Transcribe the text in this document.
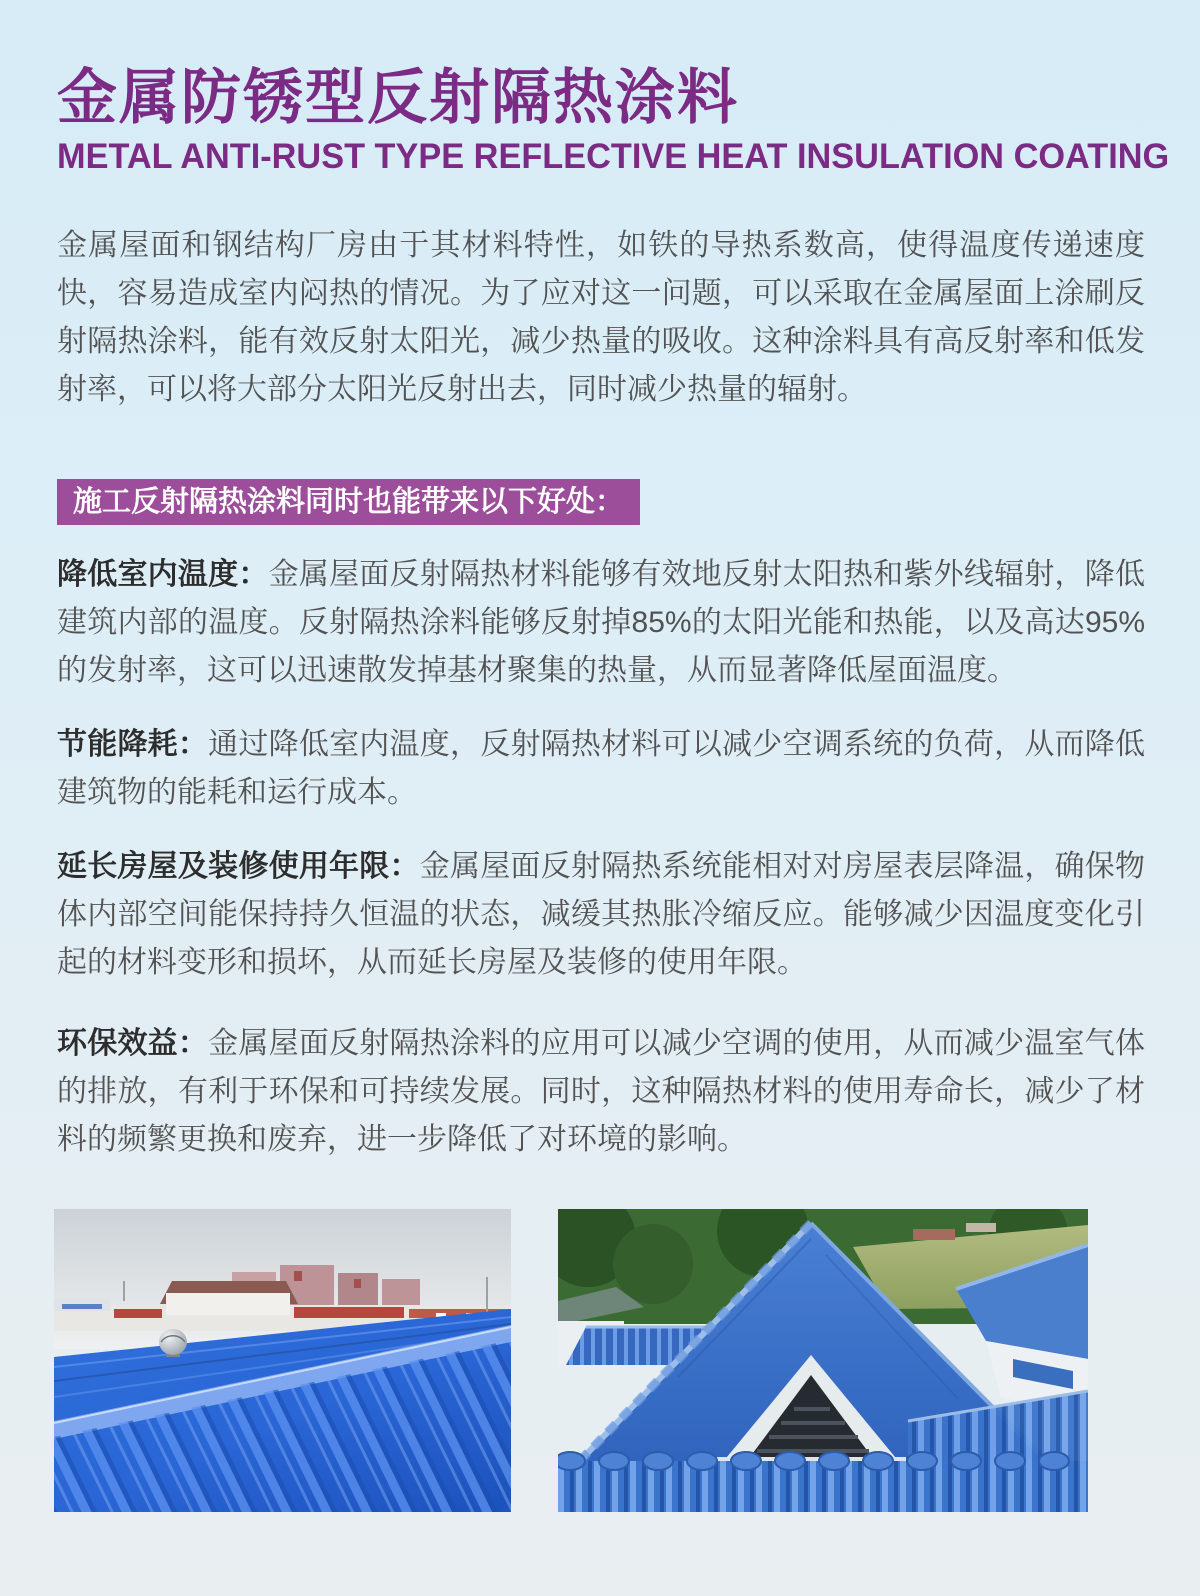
金属防锈型反射隔热涂料
METAL ANTI-RUST TYPE REFLECTIVE HEAT INSULATION COATING

金属屋面和钢结构厂房由于其材料特性，如铁的导热系数高，使得温度传递速度快，容易造成室内闷热的情况。为了应对这一问题，可以采取在金属屋面上涂刷反射隔热涂料，能有效反射太阳光，减少热量的吸收。这种涂料具有高反射率和低发射率，可以将大部分太阳光反射出去，同时减少热量的辐射。

施工反射隔热涂料同时也能带来以下好处：

降低室内温度：金属屋面反射隔热材料能够有效地反射太阳热和紫外线辐射，降低建筑内部的温度。反射隔热涂料能够反射掉85%的太阳光能和热能，以及高达95%的发射率，这可以迅速散发掉基材聚集的热量，从而显著降低屋面温度。

节能降耗：通过降低室内温度，反射隔热材料可以减少空调系统的负荷，从而降低建筑物的能耗和运行成本。

延长房屋及装修使用年限：金属屋面反射隔热系统能相对对房屋表层降温，确保物体内部空间能保持持久恒温的状态，减缓其热胀冷缩反应。能够减少因温度变化引起的材料变形和损坏，从而延长房屋及装修的使用年限。

环保效益：金属屋面反射隔热涂料的应用可以减少空调的使用，从而减少温室气体的排放，有利于环保和可持续发展。同时，这种隔热材料的使用寿命长，减少了材料的频繁更换和废弃，进一步降低了对环境的影响。
